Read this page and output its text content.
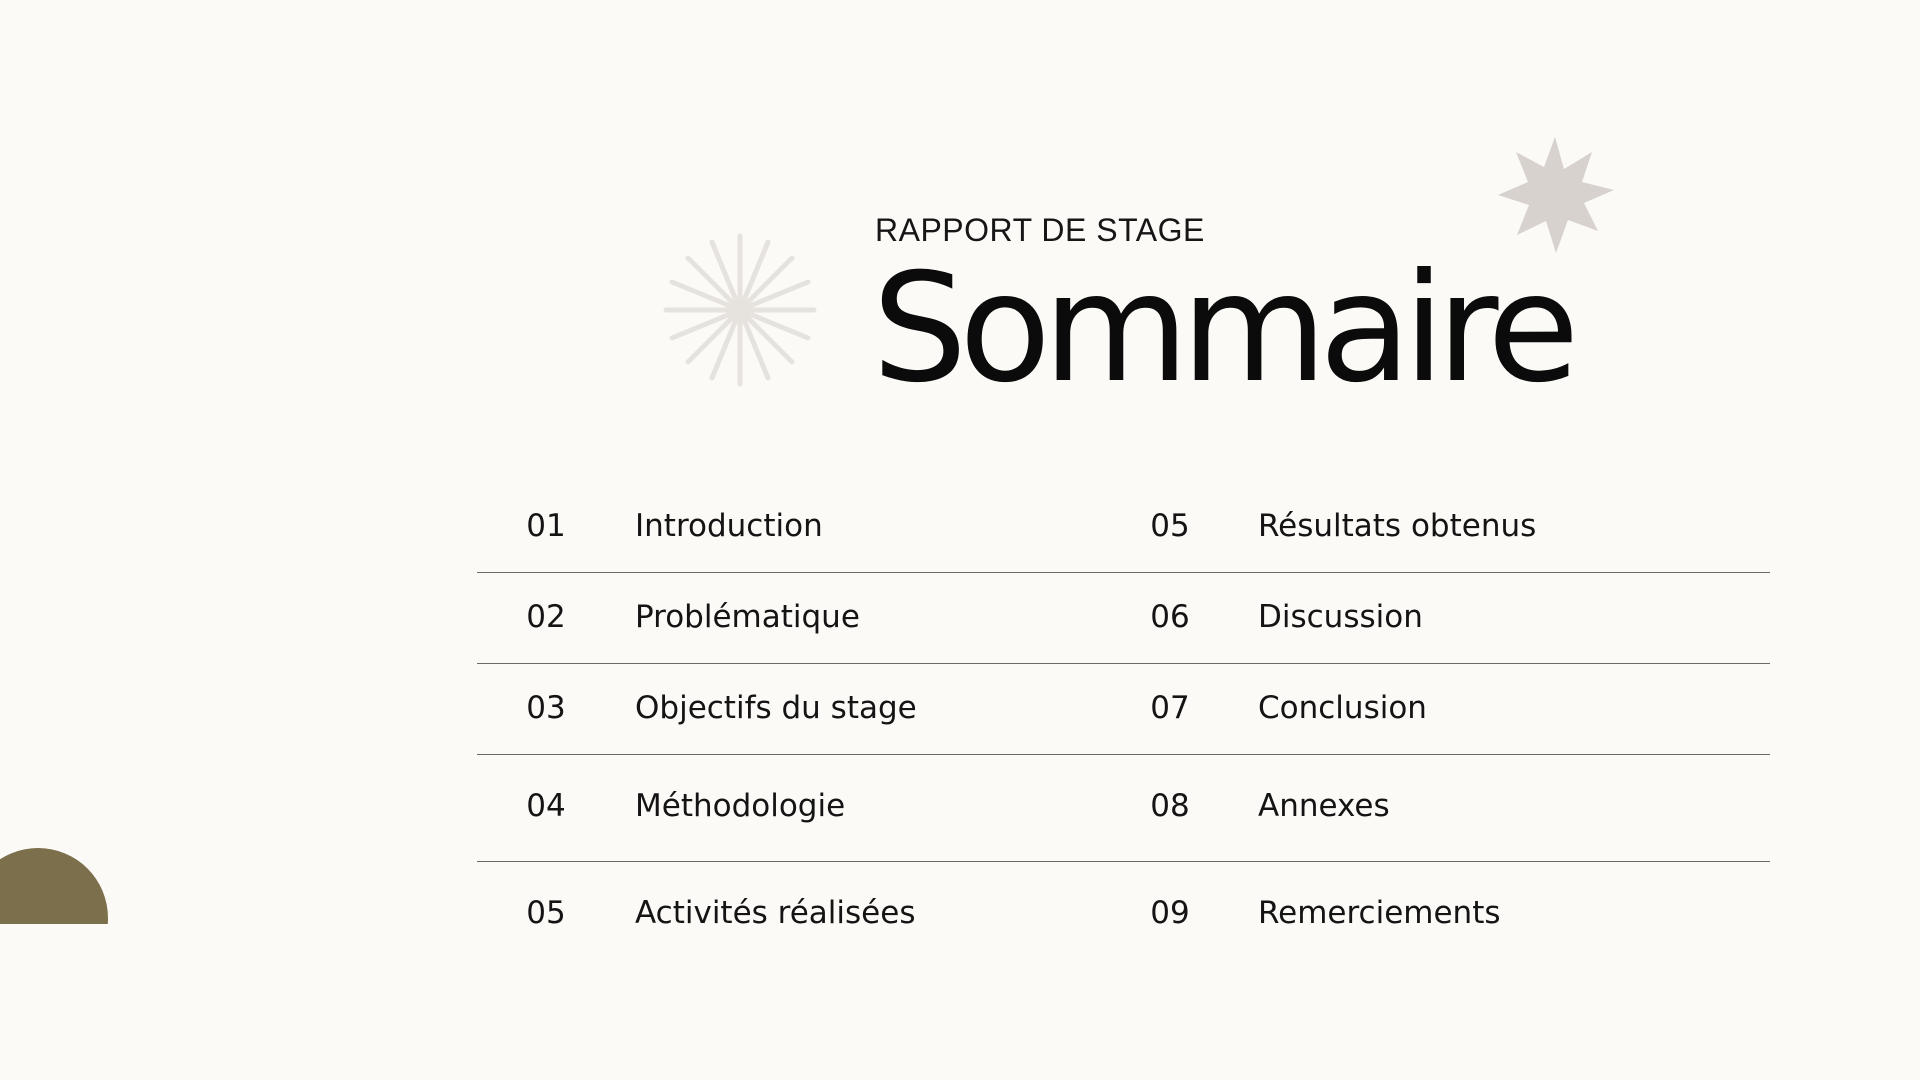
RAPPORT DE STAGE
Sommaire
01	Introduction	05	Résultats obtenus
02	Problématique	06	Discussion
03	Objectifs du stage	07	Conclusion
04	Méthodologie	08	Annexes
05	Activités réalisées	09	Remerciements
